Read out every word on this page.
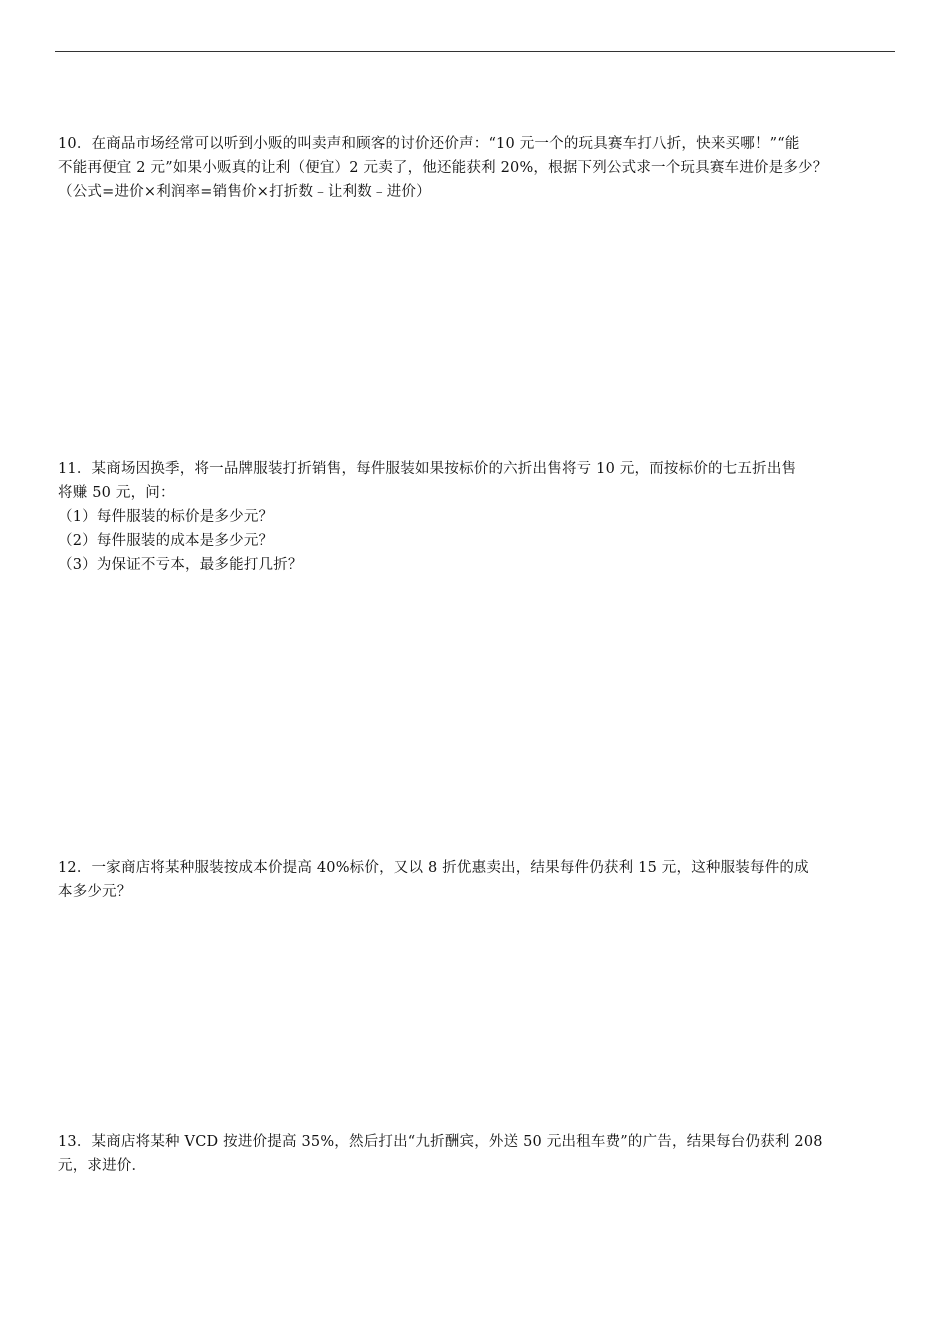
10．在商品市场经常可以听到小贩的叫卖声和顾客的讨价还价声：“10 元一个的玩具赛车打八折，快来买哪！”“能

不能再便宜 2 元”如果小贩真的让利（便宜）2 元卖了，他还能获利 20%，根据下列公式求一个玩具赛车进价是多少？

（公式=进价×利润率=销售价×打折数﹣让利数﹣进价）

11．某商场因换季，将一品牌服装打折销售，每件服装如果按标价的六折出售将亏 10 元，而按标价的七五折出售

将赚 50 元，问：

（1）每件服装的标价是多少元？

（2）每件服装的成本是多少元？

（3）为保证不亏本，最多能打几折？

12．一家商店将某种服装按成本价提高 40%标价，又以 8 折优惠卖出，结果每件仍获利 15 元，这种服装每件的成

本多少元？

13．某商店将某种 VCD 按进价提高 35%，然后打出“九折酬宾，外送 50 元出租车费”的广告，结果每台仍获利 208

元，求进价．
